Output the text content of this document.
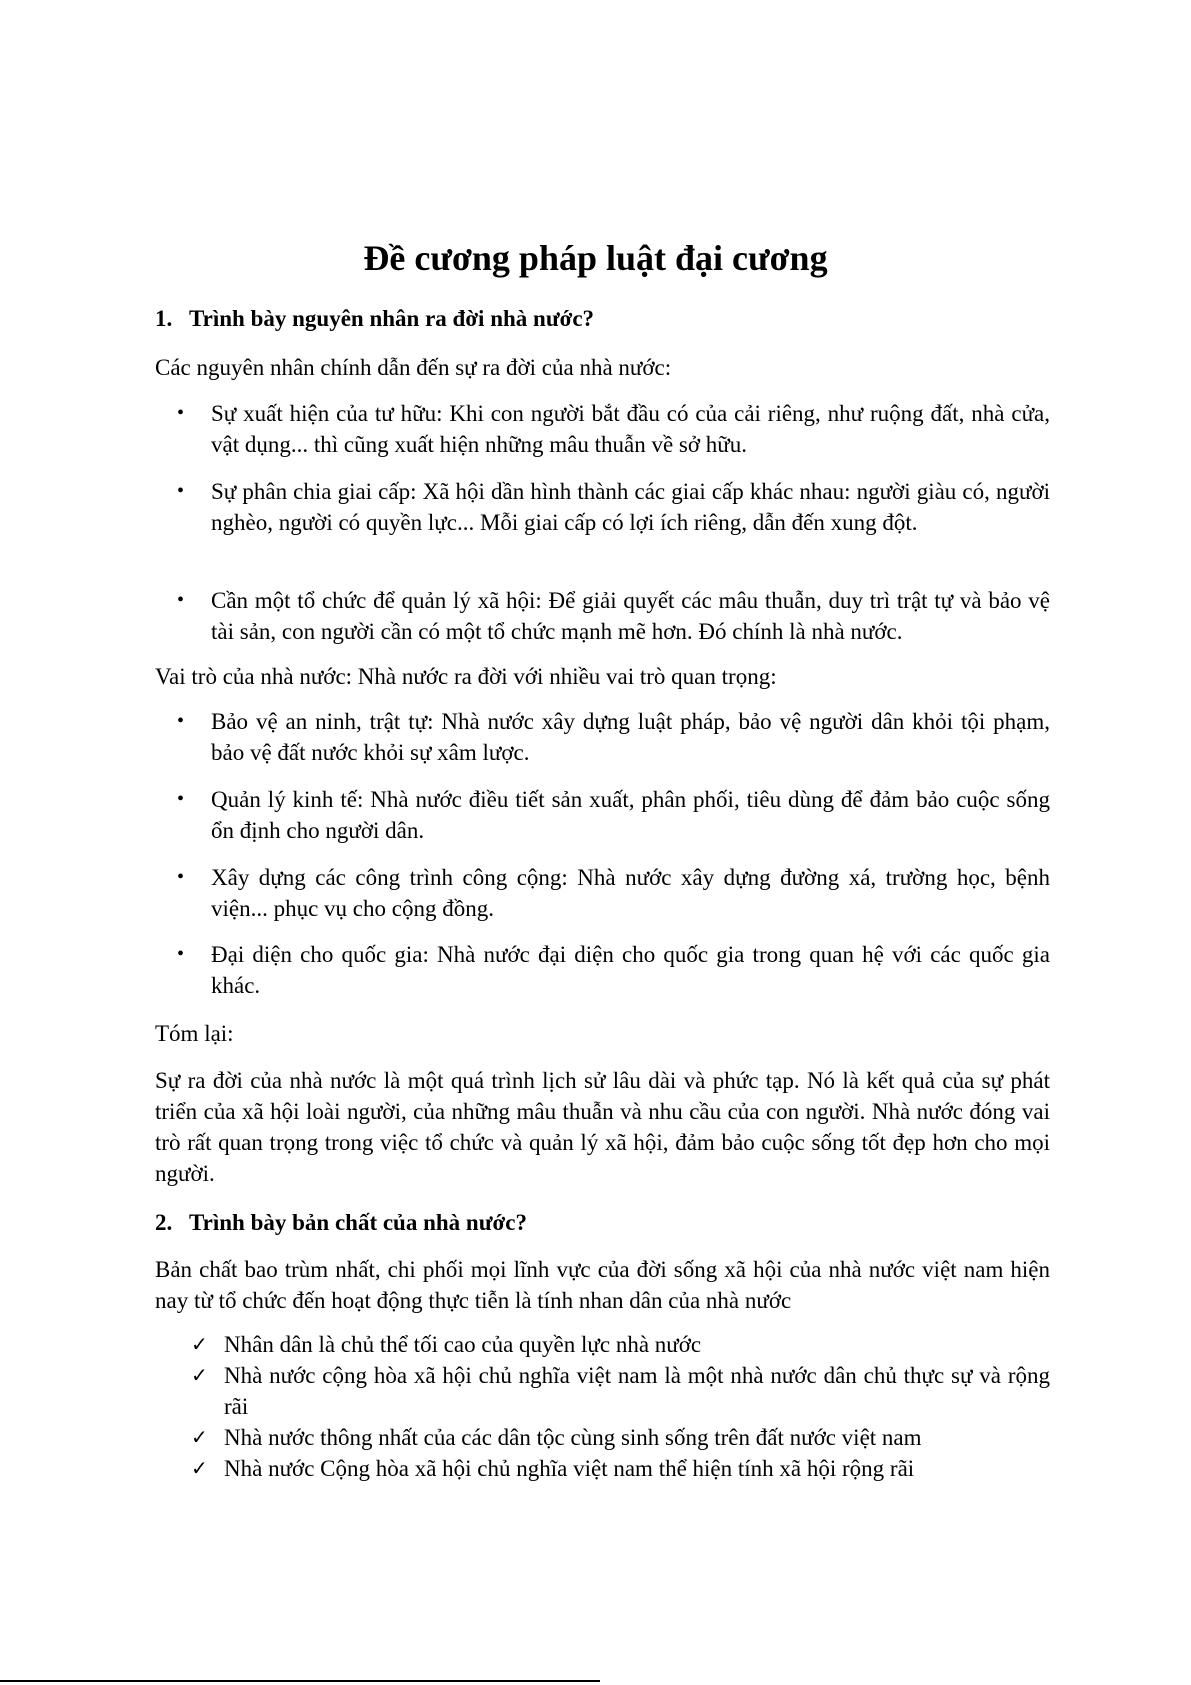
Đề cương pháp luật đại cương
1. Trình bày nguyên nhân ra đời nhà nước?

Các nguyên nhân chính dẫn đến sự ra đời của nhà nước:

•	Sự xuất hiện của tư hữu: Khi con người bắt đầu có của cải riêng, như ruộng đất, nhà cửa, vật dụng... thì cũng xuất hiện những mâu thuẫn về sở hữu.
•	Sự phân chia giai cấp: Xã hội dần hình thành các giai cấp khác nhau: người giàu có, người nghèo, người có quyền lực... Mỗi giai cấp có lợi ích riêng, dẫn đến xung đột.
•	Cần một tổ chức để quản lý xã hội: Để giải quyết các mâu thuẫn, duy trì trật tự và bảo vệ tài sản, con người cần có một tổ chức mạnh mẽ hơn. Đó chính là nhà nước.

Vai trò của nhà nước: Nhà nước ra đời với nhiều vai trò quan trọng:

•	Bảo vệ an ninh, trật tự: Nhà nước xây dựng luật pháp, bảo vệ người dân khỏi tội phạm, bảo vệ đất nước khỏi sự xâm lược.
•	Quản lý kinh tế: Nhà nước điều tiết sản xuất, phân phối, tiêu dùng để đảm bảo cuộc sống ổn định cho người dân.
•	Xây dựng các công trình công cộng: Nhà nước xây dựng đường xá, trường học, bệnh viện... phục vụ cho cộng đồng.
•	Đại diện cho quốc gia: Nhà nước đại diện cho quốc gia trong quan hệ với các quốc gia khác.

Tóm lại:

Sự ra đời của nhà nước là một quá trình lịch sử lâu dài và phức tạp. Nó là kết quả của sự phát triển của xã hội loài người, của những mâu thuẫn và nhu cầu của con người. Nhà nước đóng vai trò rất quan trọng trong việc tổ chức và quản lý xã hội, đảm bảo cuộc sống tốt đẹp hơn cho mọi người.

2. Trình bày bản chất của nhà nước?

Bản chất bao trùm nhất, chi phối mọi lĩnh vực của đời sống xã hội của nhà nước việt nam hiện nay từ tổ chức đến hoạt động thực tiễn là tính nhan dân của nhà nước

✓ Nhân dân là chủ thể tối cao của quyền lực nhà nước
✓ Nhà nước cộng hòa xã hội chủ nghĩa việt nam là một nhà nước dân chủ thực sự và rộng rãi
✓ Nhà nước thông nhất của các dân tộc cùng sinh sống trên đất nước việt nam
✓ Nhà nước Cộng hòa xã hội chủ nghĩa việt nam thể hiện tính xã hội rộng rãi
